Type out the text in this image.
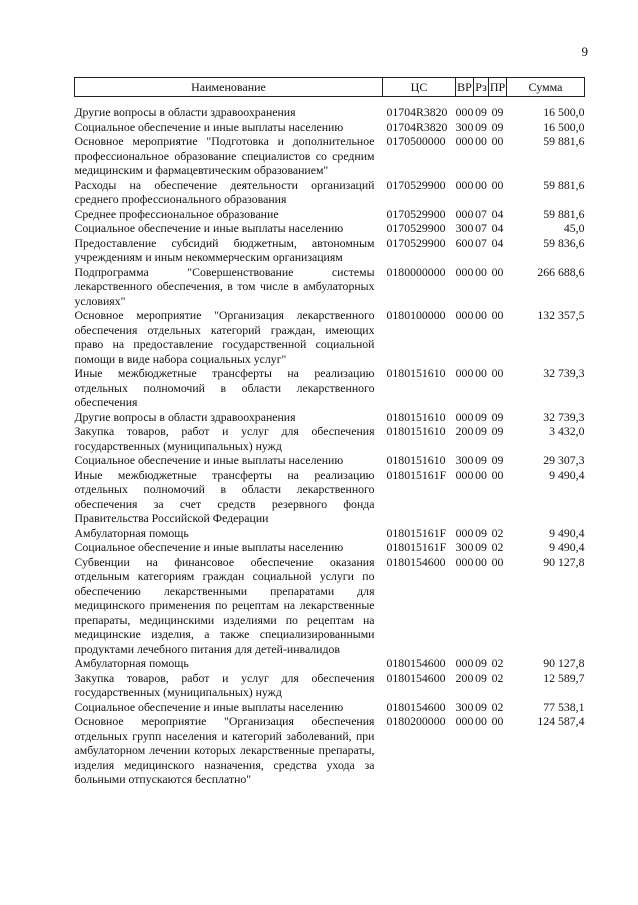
9
Наименование	ЦС	ВР	Рз	ПР	Сумма

Другие вопросы в области здравоохранения	01704R3820	000	09	09	16 500,0
Социальное обеспечение и иные выплаты населению	01704R3820	300	09	09	16 500,0
Основное мероприятие "Подготовка и дополнительное профессиональное образование специалистов со средним медицинским и фармацевтическим образованием"	0170500000	000	00	00	59 881,6
Расходы на обеспечение деятельности организаций среднего профессионального образования	0170529900	000	00	00	59 881,6
Среднее профессиональное образование	0170529900	000	07	04	59 881,6
Социальное обеспечение и иные выплаты населению	0170529900	300	07	04	45,0
Предоставление субсидий бюджетным, автономным учреждениям и иным некоммерческим организациям	0170529900	600	07	04	59 836,6
Подпрограмма "Совершенствование системы лекарственного обеспечения, в том числе в амбулаторных условиях"	0180000000	000	00	00	266 688,6
Основное мероприятие "Организация лекарственного обеспечения отдельных категорий граждан, имеющих право на предоставление государственной социальной помощи в виде набора социальных услуг"	0180100000	000	00	00	132 357,5
Иные межбюджетные трансферты на реализацию отдельных полномочий в области лекарственного обеспечения	0180151610	000	00	00	32 739,3
Другие вопросы в области здравоохранения	0180151610	000	09	09	32 739,3
Закупка товаров, работ и услуг для обеспечения государственных (муниципальных) нужд	0180151610	200	09	09	3 432,0
Социальное обеспечение и иные выплаты населению	0180151610	300	09	09	29 307,3
Иные межбюджетные трансферты на реализацию отдельных полномочий в области лекарственного обеспечения за счет средств резервного фонда Правительства Российской Федерации	018015161F	000	00	00	9 490,4
Амбулаторная помощь	018015161F	000	09	02	9 490,4
Социальное обеспечение и иные выплаты населению	018015161F	300	09	02	9 490,4
Субвенции на финансовое обеспечение оказания отдельным категориям граждан социальной услуги по обеспечению лекарственными препаратами для медицинского применения по рецептам на лекарственные препараты, медицинскими изделиями по рецептам на медицинские изделия, а также специализированными продуктами лечебного питания для детей-инвалидов	0180154600	000	00	00	90 127,8
Амбулаторная помощь	0180154600	000	09	02	90 127,8
Закупка товаров, работ и услуг для обеспечения государственных (муниципальных) нужд	0180154600	200	09	02	12 589,7
Социальное обеспечение и иные выплаты населению	0180154600	300	09	02	77 538,1
Основное мероприятие "Организация обеспечения отдельных групп населения и категорий заболеваний, при амбулаторном лечении которых лекарственные препараты, изделия медицинского назначения, средства ухода за больными отпускаются бесплатно"	0180200000	000	00	00	124 587,4
